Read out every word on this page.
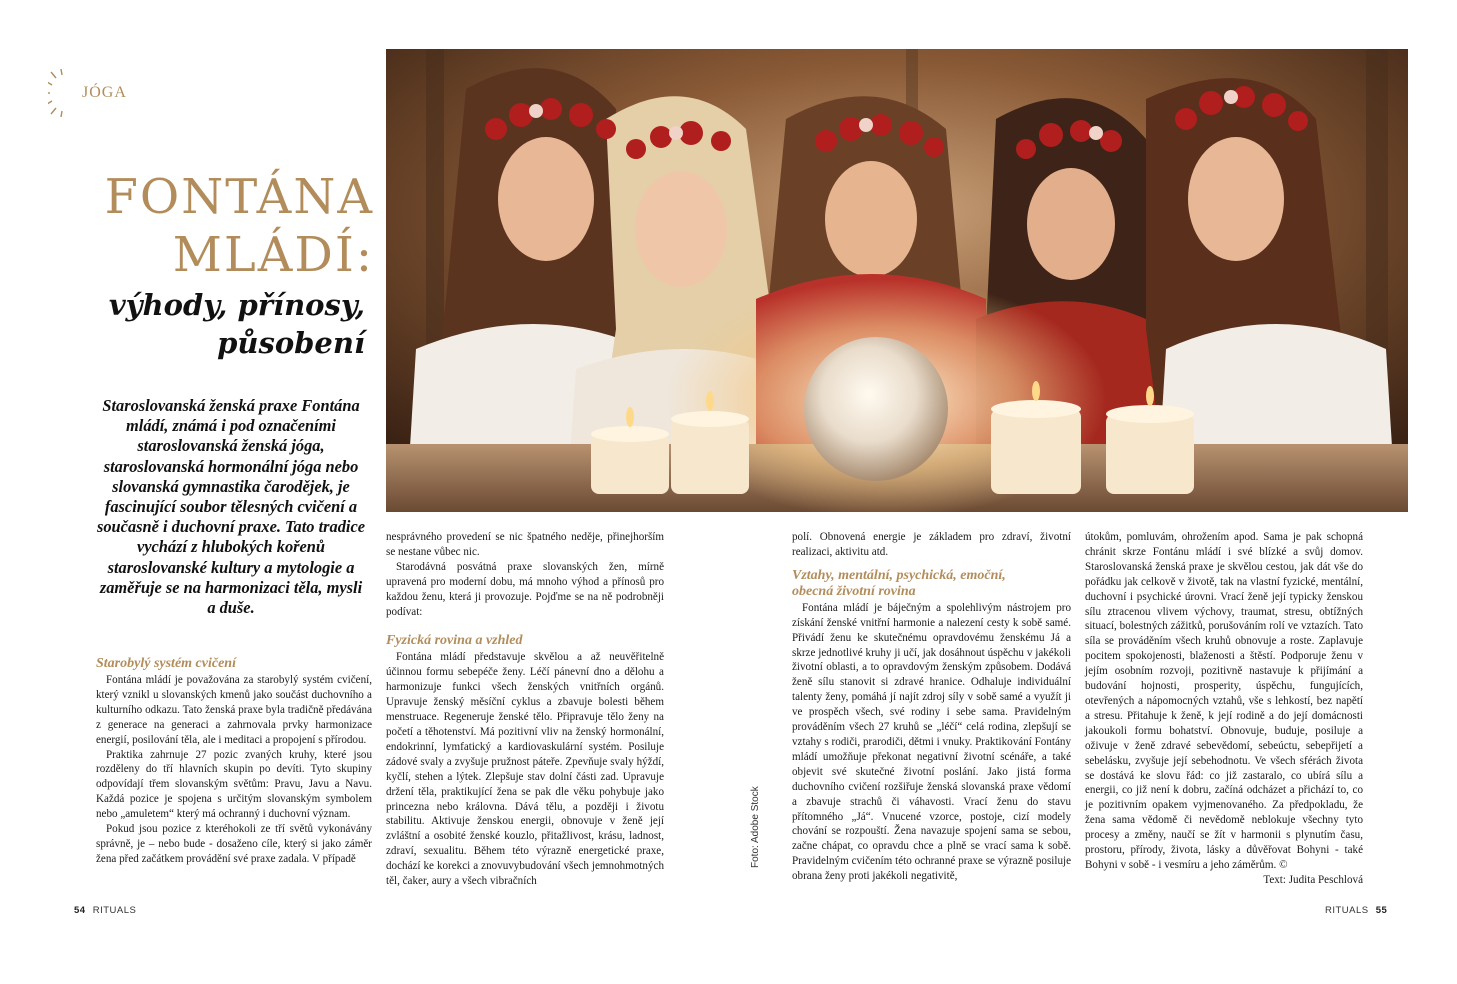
JÓGA
FONTÁNA
MLÁDÍ:
výhody, přínosy,
působení

Staroslovanská ženská praxe Fontána mládí, známá i pod označeními staroslovanská ženská jóga, staroslovanská hormonální jóga nebo slovanská gymnastika čarodějek, je fascinující soubor tělesných cvičení a současně i duchovní praxe. Tato tradice vychází z hlubokých kořenů staroslovanské kultury a mytologie a zaměřuje se na harmonizaci těla, mysli a duše.

Starobylý systém cvičení

Fontána mládí je považována za starobylý systém cvičení, který vznikl u slovanských kmenů jako součást duchovního a kulturního odkazu. Tato ženská praxe byla tradičně předávána z generace na generaci a zahrnovala prvky harmonizace energií, posilování těla, ale i meditaci a propojení s přírodou.

Praktika zahrnuje 27 pozic zvaných kruhy, které jsou rozděleny do tří hlavních skupin po devíti. Tyto skupiny odpovídají třem slovanským světům: Pravu, Javu a Navu. Každá pozice je spojena s určitým slovanským symbolem nebo „amuletem“ který má ochranný i duchovní význam.

Pokud jsou pozice z kteréhokoli ze tří světů vykonávány správně, je – nebo bude - dosaženo cíle, který si jako záměr žena před začátkem provádění své praxe zadala. V případě

nesprávného provedení se nic špatného neděje, přinejhorším se nestane vůbec nic.

Starodávná posvátná praxe slovanských žen, mírně upravená pro moderní dobu, má mnoho výhod a přínosů pro každou ženu, která ji provozuje. Pojďme se na ně podrobněji podívat:

Fyzická rovina a vzhled

Fontána mládí představuje skvělou a až neuvěřitelně účinnou formu sebepéče ženy. Léčí pánevní dno a dělohu a harmonizuje funkci všech ženských vnitřních orgánů. Upravuje ženský měsíční cyklus a zbavuje bolesti během menstruace. Regeneruje ženské tělo. Připravuje tělo ženy na početí a těhotenství. Má pozitivní vliv na ženský hormonální, endokrinní, lymfatický a kardiovaskulární systém. Posiluje zádové svaly a zvyšuje pružnost páteře. Zpevňuje svaly hýždí, kyčlí, stehen a lýtek. Zlepšuje stav dolní části zad. Upravuje držení těla, praktikující žena se pak dle věku pohybuje jako princezna nebo královna. Dává tělu, a později i životu stabilitu. Aktivuje ženskou energii, obnovuje v ženě její zvláštní a osobité ženské kouzlo, přitažlivost, krásu, ladnost, zdraví, sexualitu. Během této výrazně energetické praxe, dochází ke korekci a znovuvybudování všech jemnohmotných těl, čaker, aury a všech vibračních

polí. Obnovená energie je základem pro zdraví, životní realizaci, aktivitu atd.

Vztahy, mentální, psychická, emoční,
obecná životní rovina

Fontána mládí je báječným a spolehlivým nástrojem pro získání ženské vnitřní harmonie a nalezení cesty k sobě samé. Přivádí ženu ke skutečnému opravdovému ženskému Já a skrze jednotlivé kruhy ji učí, jak dosáhnout úspěchu v jakékoli životní oblasti, a to opravdovým ženským způsobem. Dodává ženě sílu stanovit si zdravé hranice. Odhaluje individuální talenty ženy, pomáhá jí najít zdroj síly v sobě samé a využít ji ve prospěch všech, své rodiny i sebe sama. Pravidelným prováděním všech 27 kruhů se „léčí“ celá rodina, zlepšují se vztahy s rodiči, prarodiči, dětmi i vnuky. Praktikování Fontány mládí umožňuje překonat negativní životní scénáře, a také objevit své skutečné životní poslání. Jako jistá forma duchovního cvičení rozšiřuje ženská slovanská praxe vědomí a zbavuje strachů či váhavosti. Vrací ženu do stavu přítomného „Já“. Vnucené vzorce, postoje, cizí modely chování se rozpouští. Žena navazuje spojení sama se sebou, začne chápat, co opravdu chce a plně se vrací sama k sobě. Pravidelným cvičením této ochranné praxe se výrazně posiluje obrana ženy proti jakékoli negativitě,

útokům, pomluvám, ohrožením apod. Sama je pak schopná chránit skrze Fontánu mládí i své blízké a svůj domov. Staroslovanská ženská praxe je skvělou cestou, jak dát vše do pořádku jak celkově v životě, tak na vlastní fyzické, mentální, duchovní i psychické úrovni. Vrací ženě její typicky ženskou sílu ztracenou vlivem výchovy, traumat, stresu, obtížných situací, bolestných zážitků, porušováním rolí ve vztazích. Tato síla se prováděním všech kruhů obnovuje a roste. Zaplavuje pocitem spokojenosti, blaženosti a štěstí. Podporuje ženu v jejím osobním rozvoji, pozitivně nastavuje k přijímání a budování hojnosti, prosperity, úspěchu, fungujících, otevřených a nápomocných vztahů, vše s lehkostí, bez napětí a stresu. Přitahuje k ženě, k její rodině a do její domácnosti jakoukoli formu bohatství. Obnovuje, buduje, posiluje a oživuje v ženě zdravé sebevědomí, sebeúctu, sebepřijetí a sebelásku, zvyšuje její sebehodnotu. Ve všech sférách života se dostává ke slovu řád: co již zastaralo, co ubírá sílu a energii, co již není k dobru, začíná odcházet a přichází to, co je pozitivním opakem vyjmenovaného. Za předpokladu, že žena sama vědomě či nevědomě neblokuje všechny tyto procesy a změny, naučí se žít v harmonii s plynutím času, prostoru, přírody, života, lásky a důvěřovat Bohyni - také Bohyni v sobě - i vesmíru a jeho záměrům. ©

Text: Judita Peschlová

Foto: Adobe Stock
54 RITUALS	RITUALS 55
